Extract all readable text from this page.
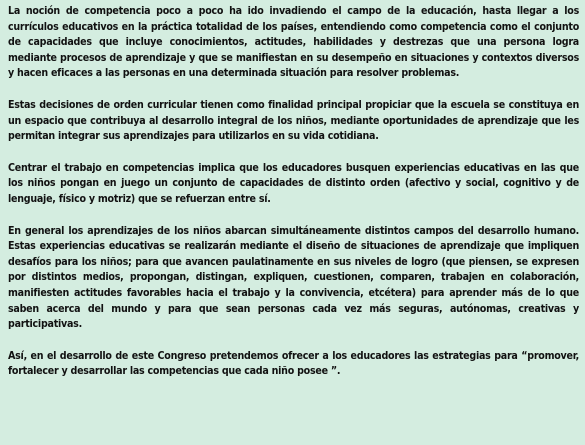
La noción de competencia poco a poco ha ido invadiendo el campo de la educación, hasta llegar a los currículos educativos en la práctica totalidad de los países, entendiendo como competencia como el conjunto de capacidades que incluye conocimientos, actitudes, habilidades y destrezas que una persona logra mediante procesos de aprendizaje y que se manifiestan en su desempeño en situaciones y contextos diversos y hacen eficaces a las personas en una determinada situación para resolver problemas.

Estas decisiones de orden curricular tienen como finalidad principal propiciar que la escuela se constituya en un espacio que contribuya al desarrollo integral de los niños, mediante oportunidades de aprendizaje que les permitan integrar sus aprendizajes para utilizarlos en su vida cotidiana.

Centrar el trabajo en competencias implica que los educadores busquen experiencias educativas en las que los niños pongan en juego un conjunto de capacidades de distinto orden (afectivo y social, cognitivo y de lenguaje, físico y motriz) que se refuerzan entre sí.

En general los aprendizajes de los niños abarcan simultáneamente distintos campos del desarrollo humano. Estas experiencias educativas se realizarán mediante el diseño de situaciones de aprendizaje que impliquen desafíos para los niños; para que avancen paulatinamente en sus niveles de logro (que piensen, se expresen por distintos medios, propongan, distingan, expliquen, cuestionen, comparen, trabajen en colaboración, manifiesten actitudes favorables hacia el trabajo y la convivencia, etcétera) para aprender más de lo que saben acerca del mundo y para que sean personas cada vez más seguras, autónomas, creativas y participativas.

Así, en el desarrollo de este Congreso pretendemos ofrecer a los educadores las estrategias para “promover, fortalecer y desarrollar las competencias que cada niño posee ”.
